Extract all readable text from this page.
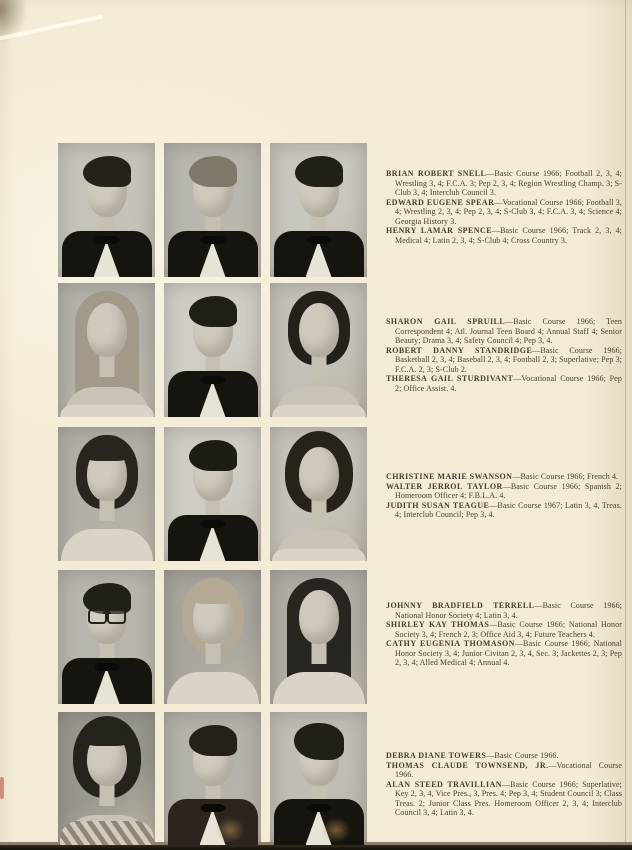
BRIAN ROBERT SNELL—Basic Course 1966; Football 2, 3, 4; Wrestling 3, 4; F.C.A. 3; Pep 2, 3, 4; Region Wrestling Champ. 3; S-Club 3, 4; Interclub Council 3.

EDWARD EUGENE SPEAR—Vocational Course 1966; Football 3, 4; Wrestling 2, 3, 4; Pep 2, 3, 4; S-Club 3, 4; F.C.A. 3, 4; Science 4; Georgia History 3.

HENRY LAMAR SPENCE—Basic Course 1966; Track 2, 3, 4; Medical 4; Latin 2, 3, 4; S-Club 4; Cross Country 3.

SHARON GAIL SPRUILL—Basic Course 1966; Teen Correspondent 4; Atl. Journal Teen Board 4; Annual Staff 4; Senior Beauty; Drama 3, 4; Safety Council 4; Pep 3, 4.

ROBERT DANNY STANDRIDGE—Basic Course 1966; Basketball 2, 3, 4; Baseball 2, 3, 4; Football 2, 3; Superlative; Pep 3; F.C.A. 2, 3; S-Club 2.

THERESA GAIL STURDIVANT—Vocational Course 1966; Pep 2; Office Assist. 4.

CHRISTINE MARIE SWANSON—Basic Course 1966; French 4.

WALTER JERROL TAYLOR—Basic Course 1966; Spanish 2; Homeroom Officer 4; F.B.L.A. 4.

JUDITH SUSAN TEAGUE—Basic Course 1967; Latin 3, 4, Treas. 4; Interclub Council; Pep 3, 4.

JOHNNY BRADFIELD TERRELL—Basic Course 1966; National Honor Society 4; Latin 3, 4.

SHIRLEY KAY THOMAS—Basic Course 1966; National Honor Society 3, 4; French 2, 3; Office Aid 3, 4; Future Teachers 4.

CATHY EUGENIA THOMASON—Basic Course 1966; National Honor Society 3, 4; Junior Civitan 2, 3, 4, Sec. 3; Jackettes 2, 3; Pep 2, 3, 4; Alled Medical 4; Annual 4.

DEBRA DIANE TOWERS—Basic Course 1966.

THOMAS CLAUDE TOWNSEND, JR.—Vocational Course 1966.

ALAN STEED TRAVILLIAN—Basic Course 1966; Superlative; Key 2, 3, 4, Vice Pres., 3, Pres. 4; Pep 3, 4; Student Council 3; Class Treas. 2; Junior Class Pres. Homeroom Officer 2, 3, 4; Interclub Council 3, 4; Latin 3, 4.
